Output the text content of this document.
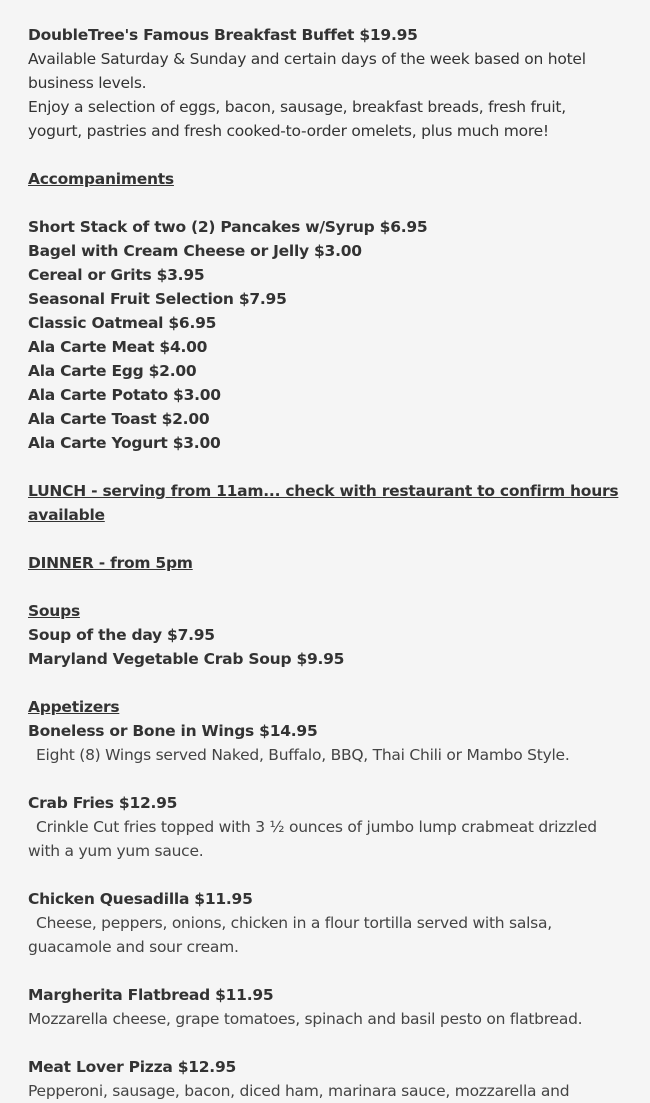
DoubleTree's Famous Breakfast Buffet $19.95
Available Saturday & Sunday and certain days of the week based on hotel business levels.
Enjoy a selection of eggs, bacon, sausage, breakfast breads, fresh fruit, yogurt, pastries and fresh cooked-to-order omelets, plus much more!
Accompaniments
Short Stack of two (2) Pancakes w/Syrup $6.95
Bagel with Cream Cheese or Jelly $3.00
Cereal or Grits $3.95
Seasonal Fruit Selection $7.95
Classic Oatmeal $6.95
Ala Carte Meat $4.00
Ala Carte Egg $2.00
Ala Carte Potato $3.00
Ala Carte Toast $2.00
Ala Carte Yogurt $3.00
LUNCH - serving from 11am... check with restaurant to confirm hours available
DINNER - from 5pm
Soups
Soup of the day $7.95
Maryland Vegetable Crab Soup $9.95
Appetizers
Boneless or Bone in Wings $14.95
Eight (8) Wings served Naked, Buffalo, BBQ, Thai Chili or Mambo Style.
Crab Fries $12.95
Crinkle Cut fries topped with 3 ½ ounces of jumbo lump crabmeat drizzled with a yum yum sauce.
Chicken Quesadilla $11.95
Cheese, peppers, onions, chicken in a flour tortilla served with salsa, guacamole and sour cream.
Margherita Flatbread $11.95
Mozzarella cheese, grape tomatoes, spinach and basil pesto on flatbread.
Meat Lover Pizza $12.95
Pepperoni, sausage, bacon, diced ham, marinara sauce, mozzarella and
